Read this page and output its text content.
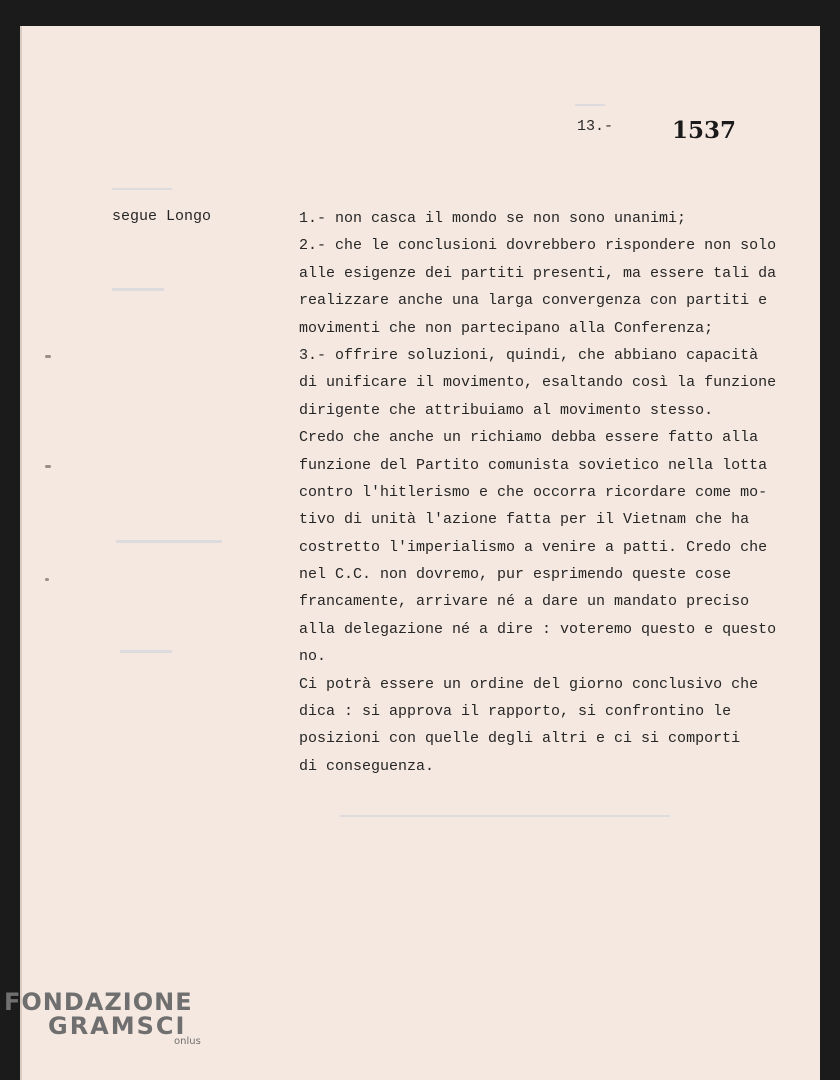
13.-	1537
segue Longo	1.- non casca il mondo se non sono unanimi;
2.- che le conclusioni dovrebbero rispondere non solo
alle esigenze dei partiti presenti, ma essere tali da
realizzare anche una larga convergenza con partiti e
movimenti che non partecipano alla Conferenza;
3.- offrire soluzioni, quindi, che abbiano capacità
di unificare il movimento, esaltando così la funzione
dirigente che attribuiamo al movimento stesso.
Credo che anche un richiamo debba essere fatto alla
funzione del Partito comunista sovietico nella lotta
contro l'hitlerismo e che occorra ricordare come mo-
tivo di unità l'azione fatta per il Vietnam che ha
costretto l'imperialismo a venire a patti. Credo che
nel C.C. non dovremo, pur esprimendo queste cose
francamente, arrivare né a dare un mandato preciso
alla delegazione né a dire : voteremo questo e questo
no.
Ci potrà essere un ordine del giorno conclusivo che
dica : si approva il rapporto, si confrontino le
posizioni con quelle degli altri e ci si comporti
di conseguenza.
FONDAZIONE
GRAMSCI
onlus
